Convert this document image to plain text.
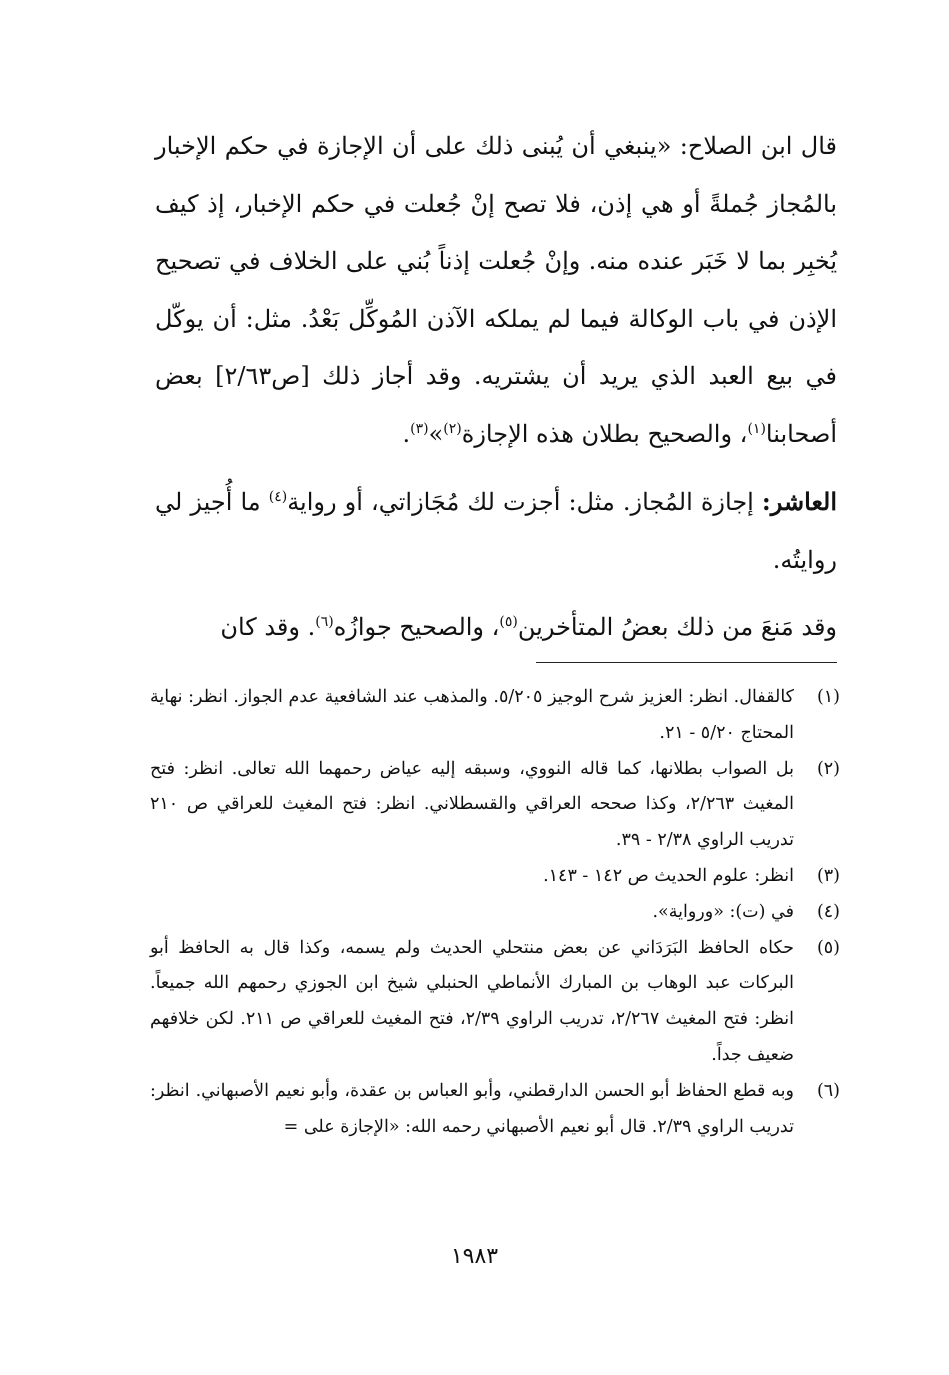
قال ابن الصلاح: «ينبغي أن يُبنى ذلك على أن الإجازة في حكم الإخبار بالمُجاز جُملةً أو هي إذن، فلا تصح إنْ جُعلت في حكم الإخبار، إذ كيف يُخبِر بما لا خَبَر عنده منه. وإنْ جُعلت إذناً بُني على الخلاف في تصحيح الإذن في باب الوكالة فيما لم يملكه الآذن المُوكِّل بَعْدُ. مثل: أن يوكّل في بيع العبد الذي يريد أن يشتريه. وقد أجاز ذلك [ص٢/٦٣] بعض أصحابنا$^{(١)}$، والصحيح بطلان هذه الإجازة$^{(٢)}$»$^{(٣)}$.

العاشر: إجازة المُجاز. مثل: أجزت لك مُجَازاتي، أو رواية$^{(٤)}$ ما أُجيز لي روايتُه.

وقد مَنعَ من ذلك بعضُ المتأخرين$^{(٥)}$، والصحيح جوازُه$^{(٦)}$. وقد كان

(١)
كالقفال. انظر: العزيز شرح الوجيز ٥/٢٠٥. والمذهب عند الشافعية عدم الجواز. انظر: نهاية المحتاج ٥/٢٠ - ٢١.
(٢)
بل الصواب بطلانها، كما قاله النووي، وسبقه إليه عياض رحمهما الله تعالى. انظر: فتح المغيث ٢/٢٦٣، وكذا صححه العراقي والقسطلاني. انظر: فتح المغيث للعراقي ص ٢١٠ تدريب الراوي ٢/٣٨ - ٣٩.
(٣)
انظر: علوم الحديث ص ١٤٢ - ١٤٣.
(٤)
في (ت): «ورواية».
(٥)
حكاه الحافظ البَرَدَاني عن بعض منتحلي الحديث ولم يسمه، وكذا قال به الحافظ أبو البركات عبد الوهاب بن المبارك الأنماطي الحنبلي شيخ ابن الجوزي رحمهم الله جميعاً. انظر: فتح المغيث ٢/٢٦٧، تدريب الراوي ٢/٣٩، فتح المغيث للعراقي ص ٢١١. لكن خلافهم ضعيف جداً.
(٦)
وبه قطع الحفاظ أبو الحسن الدارقطني، وأبو العباس بن عقدة، وأبو نعيم الأصبهاني. انظر: تدريب الراوي ٢/٣٩. قال أبو نعيم الأصبهاني رحمه الله: «الإجازة على =
١٩٨٣
